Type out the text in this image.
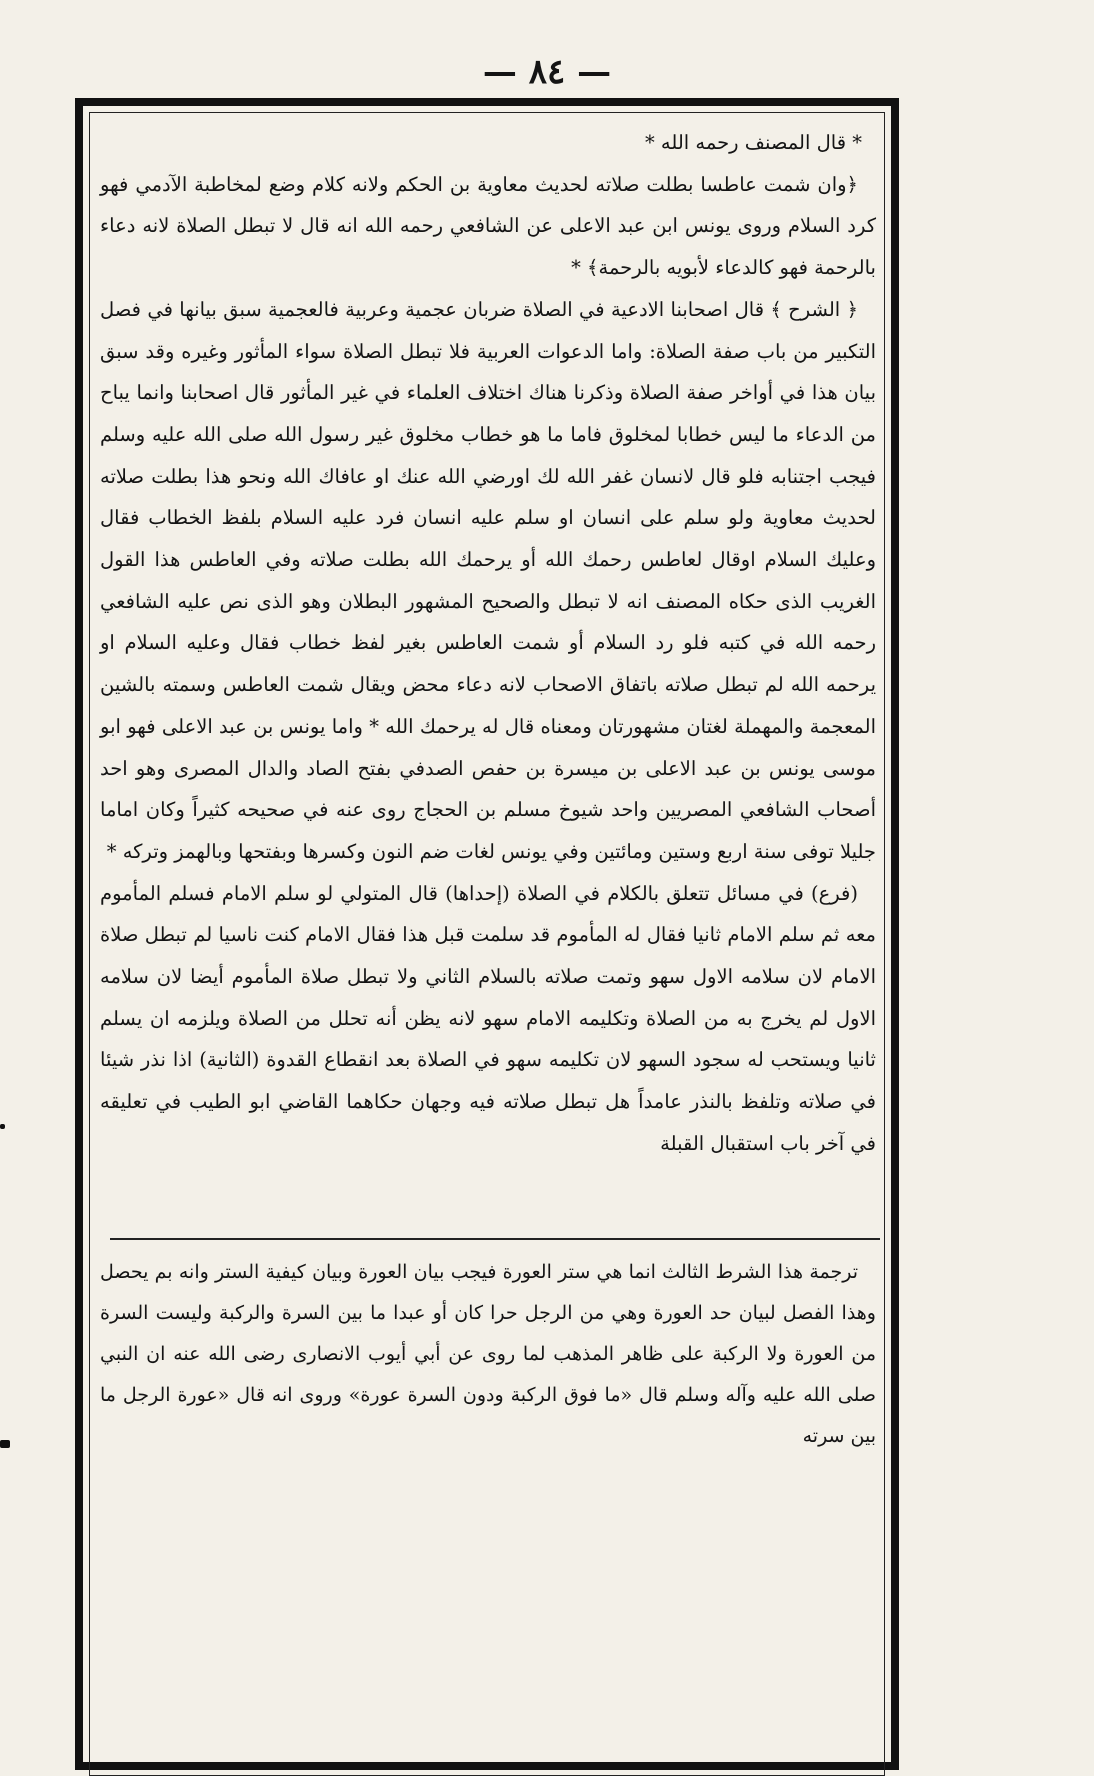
— ٨٤ —

* قال المصنف رحمه الله *

﴿وان شمت عاطسا بطلت صلاته لحديث معاوية بن الحكم ولانه كلام وضع لمخاطبة الآدمي فهو كرد السلام وروى يونس ابن عبد الاعلى عن الشافعي رحمه الله انه قال لا تبطل الصلاة لانه دعاء بالرحمة فهو كالدعاء لأبويه بالرحمة﴾ *

﴿ الشرح ﴾ قال اصحابنا الادعية في الصلاة ضربان عجمية وعربية فالعجمية سبق بيانها في فصل التكبير من باب صفة الصلاة: واما الدعوات العربية فلا تبطل الصلاة سواء المأثور وغيره وقد سبق بيان هذا في أواخر صفة الصلاة وذكرنا هناك اختلاف العلماء في غير المأثور قال اصحابنا وانما يباح من الدعاء ما ليس خطابا لمخلوق فاما ما هو خطاب مخلوق غير رسول الله صلى الله عليه وسلم فيجب اجتنابه فلو قال لانسان غفر الله لك اورضي الله عنك او عافاك الله ونحو هذا بطلت صلاته لحديث معاوية ولو سلم على انسان او سلم عليه انسان فرد عليه السلام بلفظ الخطاب فقال وعليك السلام اوقال لعاطس رحمك الله أو يرحمك الله بطلت صلاته وفي العاطس هذا القول الغريب الذى حكاه المصنف انه لا تبطل والصحيح المشهور البطلان وهو الذى نص عليه الشافعي رحمه الله في كتبه فلو رد السلام أو شمت العاطس بغير لفظ خطاب فقال وعليه السلام او يرحمه الله لم تبطل صلاته باتفاق الاصحاب لانه دعاء محض ويقال شمت العاطس وسمته بالشين المعجمة والمهملة لغتان مشهورتان ومعناه قال له يرحمك الله * واما يونس بن عبد الاعلى فهو ابو موسى يونس بن عبد الاعلى بن ميسرة بن حفص الصدفي بفتح الصاد والدال المصرى وهو احد أصحاب الشافعي المصريين واحد شيوخ مسلم بن الحجاج روى عنه في صحيحه كثيراً وكان اماما جليلا توفى سنة اربع وستين ومائتين وفي يونس لغات ضم النون وكسرها وبفتحها وبالهمز وتركه *

(فرع) في مسائل تتعلق بالكلام في الصلاة (إحداها) قال المتولي لو سلم الامام فسلم المأموم معه ثم سلم الامام ثانيا فقال له المأموم قد سلمت قبل هذا فقال الامام كنت ناسيا لم تبطل صلاة الامام لان سلامه الاول سهو وتمت صلاته بالسلام الثاني ولا تبطل صلاة المأموم أيضا لان سلامه الاول لم يخرج به من الصلاة وتكليمه الامام سهو لانه يظن أنه تحلل من الصلاة ويلزمه ان يسلم ثانيا ويستحب له سجود السهو لان تكليمه سهو في الصلاة بعد انقطاع القدوة (الثانية) اذا نذر شيئا في صلاته وتلفظ بالنذر عامداً هل تبطل صلاته فيه وجهان حكاهما القاضي ابو الطيب في تعليقه في آخر باب استقبال القبلة

ترجمة هذا الشرط الثالث انما هي ستر العورة فيجب بيان العورة وبيان كيفية الستر وانه بم يحصل وهذا الفصل لبيان حد العورة وهي من الرجل حرا كان أو عبدا ما بين السرة والركبة وليست السرة من العورة ولا الركبة على ظاهر المذهب لما روى عن أبي أيوب الانصارى رضى الله عنه ان النبي صلى الله عليه وآله وسلم قال «ما فوق الركبة ودون السرة عورة» وروى انه قال «عورة الرجل ما بين سرته
